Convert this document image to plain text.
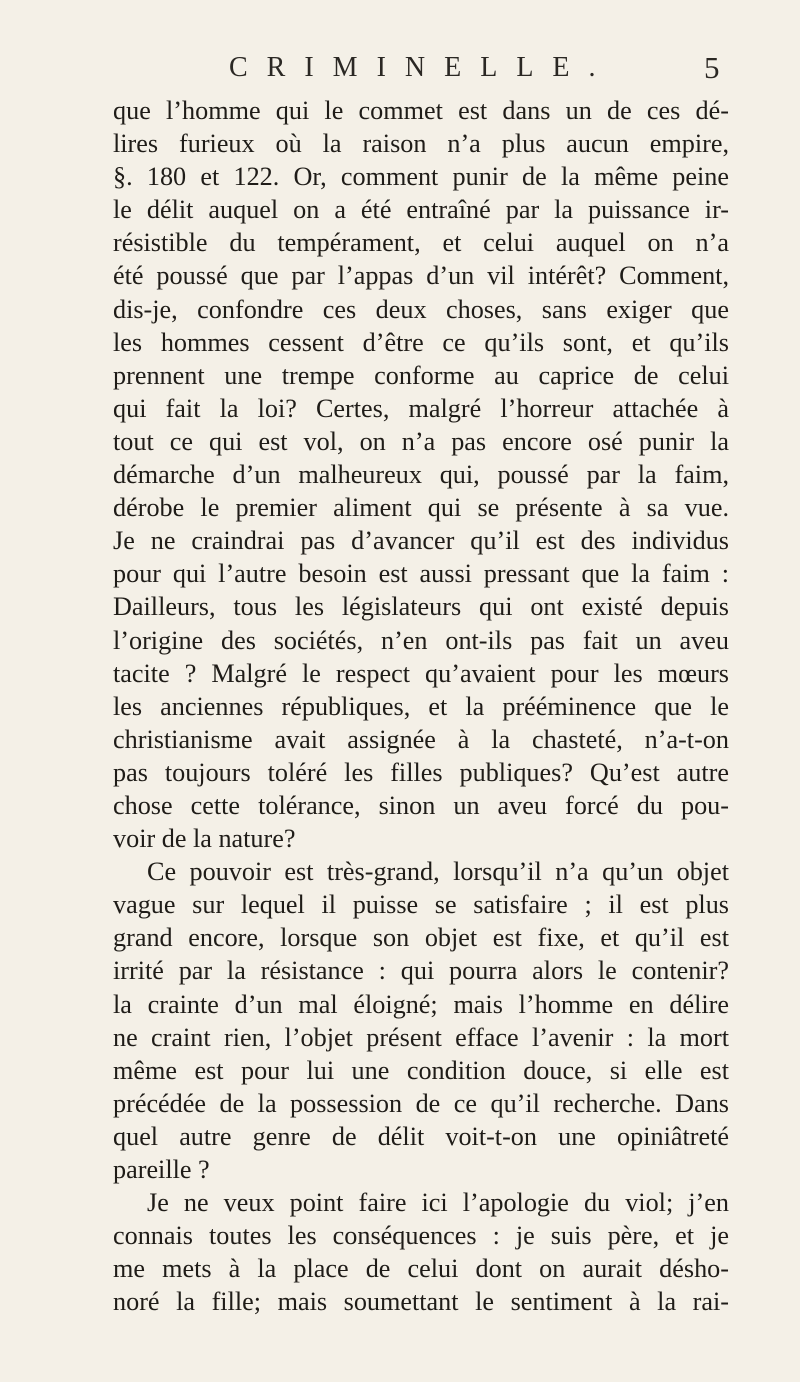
CRIMINELLE.	5
que l’homme qui le commet est dans un de ces dé-
lires furieux où la raison n’a plus aucun empire,
§. 180 et 122. Or, comment punir de la même peine
le délit auquel on a été entraîné par la puissance ir-
résistible du tempérament, et celui auquel on n’a
été poussé que par l’appas d’un vil intérêt? Comment,
dis-je, confondre ces deux choses, sans exiger que
les hommes cessent d’être ce qu’ils sont, et qu’ils
prennent une trempe conforme au caprice de celui
qui fait la loi? Certes, malgré l’horreur attachée à
tout ce qui est vol, on n’a pas encore osé punir la
démarche d’un malheureux qui, poussé par la faim,
dérobe le premier aliment qui se présente à sa vue.
Je ne craindrai pas d’avancer qu’il est des individus
pour qui l’autre besoin est aussi pressant que la faim :
Dailleurs, tous les législateurs qui ont existé depuis
l’origine des sociétés, n’en ont-ils pas fait un aveu
tacite ? Malgré le respect qu’avaient pour les mœurs
les anciennes républiques, et la prééminence que le
christianisme avait assignée à la chasteté, n’a-t-on
pas toujours toléré les filles publiques? Qu’est autre
chose cette tolérance, sinon un aveu forcé du pou-
voir de la nature?
Ce pouvoir est très-grand, lorsqu’il n’a qu’un objet
vague sur lequel il puisse se satisfaire ; il est plus
grand encore, lorsque son objet est fixe, et qu’il est
irrité par la résistance : qui pourra alors le contenir?
la crainte d’un mal éloigné; mais l’homme en délire
ne craint rien, l’objet présent efface l’avenir : la mort
même est pour lui une condition douce, si elle est
précédée de la possession de ce qu’il recherche. Dans
quel autre genre de délit voit-t-on une opiniâtreté
pareille ?
Je ne veux point faire ici l’apologie du viol; j’en
connais toutes les conséquences : je suis père, et je
me mets à la place de celui dont on aurait désho-
noré la fille; mais soumettant le sentiment à la rai-
